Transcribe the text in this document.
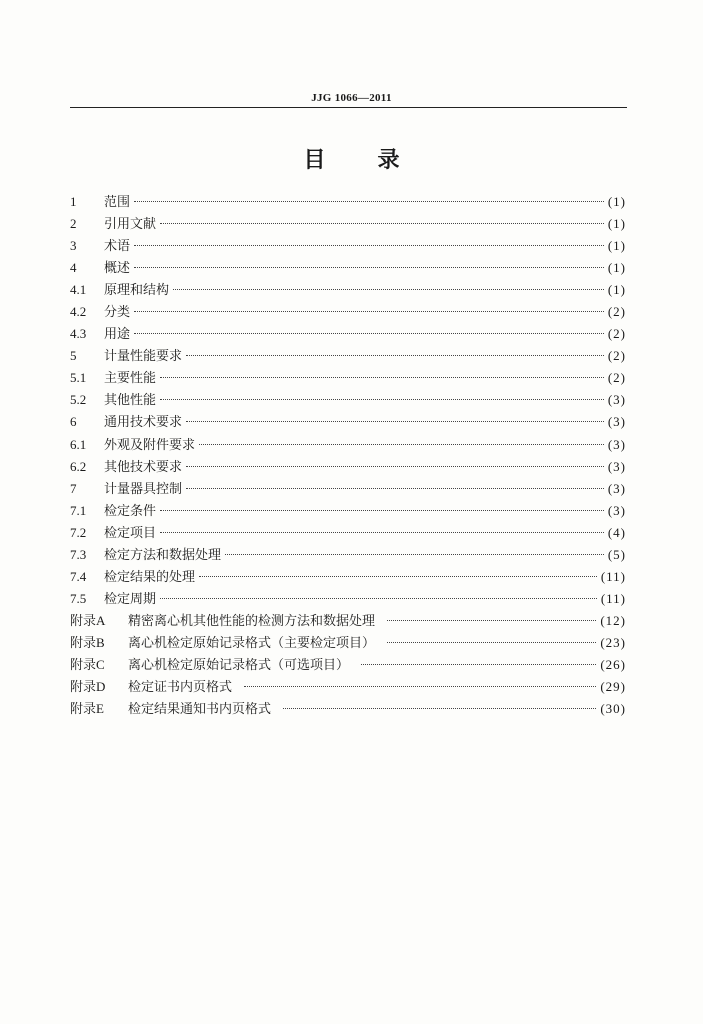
JJG 1066—2011
目录
1	范围	(1)
2	引用文献	(1)
3	术语	(1)
4	概述	(1)
4.1	原理和结构	(1)
4.2	分类	(2)
4.3	用途	(2)
5	计量性能要求	(2)
5.1	主要性能	(2)
5.2	其他性能	(3)
6	通用技术要求	(3)
6.1	外观及附件要求	(3)
6.2	其他技术要求	(3)
7	计量器具控制	(3)
7.1	检定条件	(3)
7.2	检定项目	(4)
7.3	检定方法和数据处理	(5)
7.4	检定结果的处理	(11)
7.5	检定周期	(11)
附录A	精密离心机其他性能的检测方法和数据处理	(12)
附录B	离心机检定原始记录格式（主要检定项目）	(23)
附录C	离心机检定原始记录格式（可选项目）	(26)
附录D	检定证书内页格式	(29)
附录E	检定结果通知书内页格式	(30)
